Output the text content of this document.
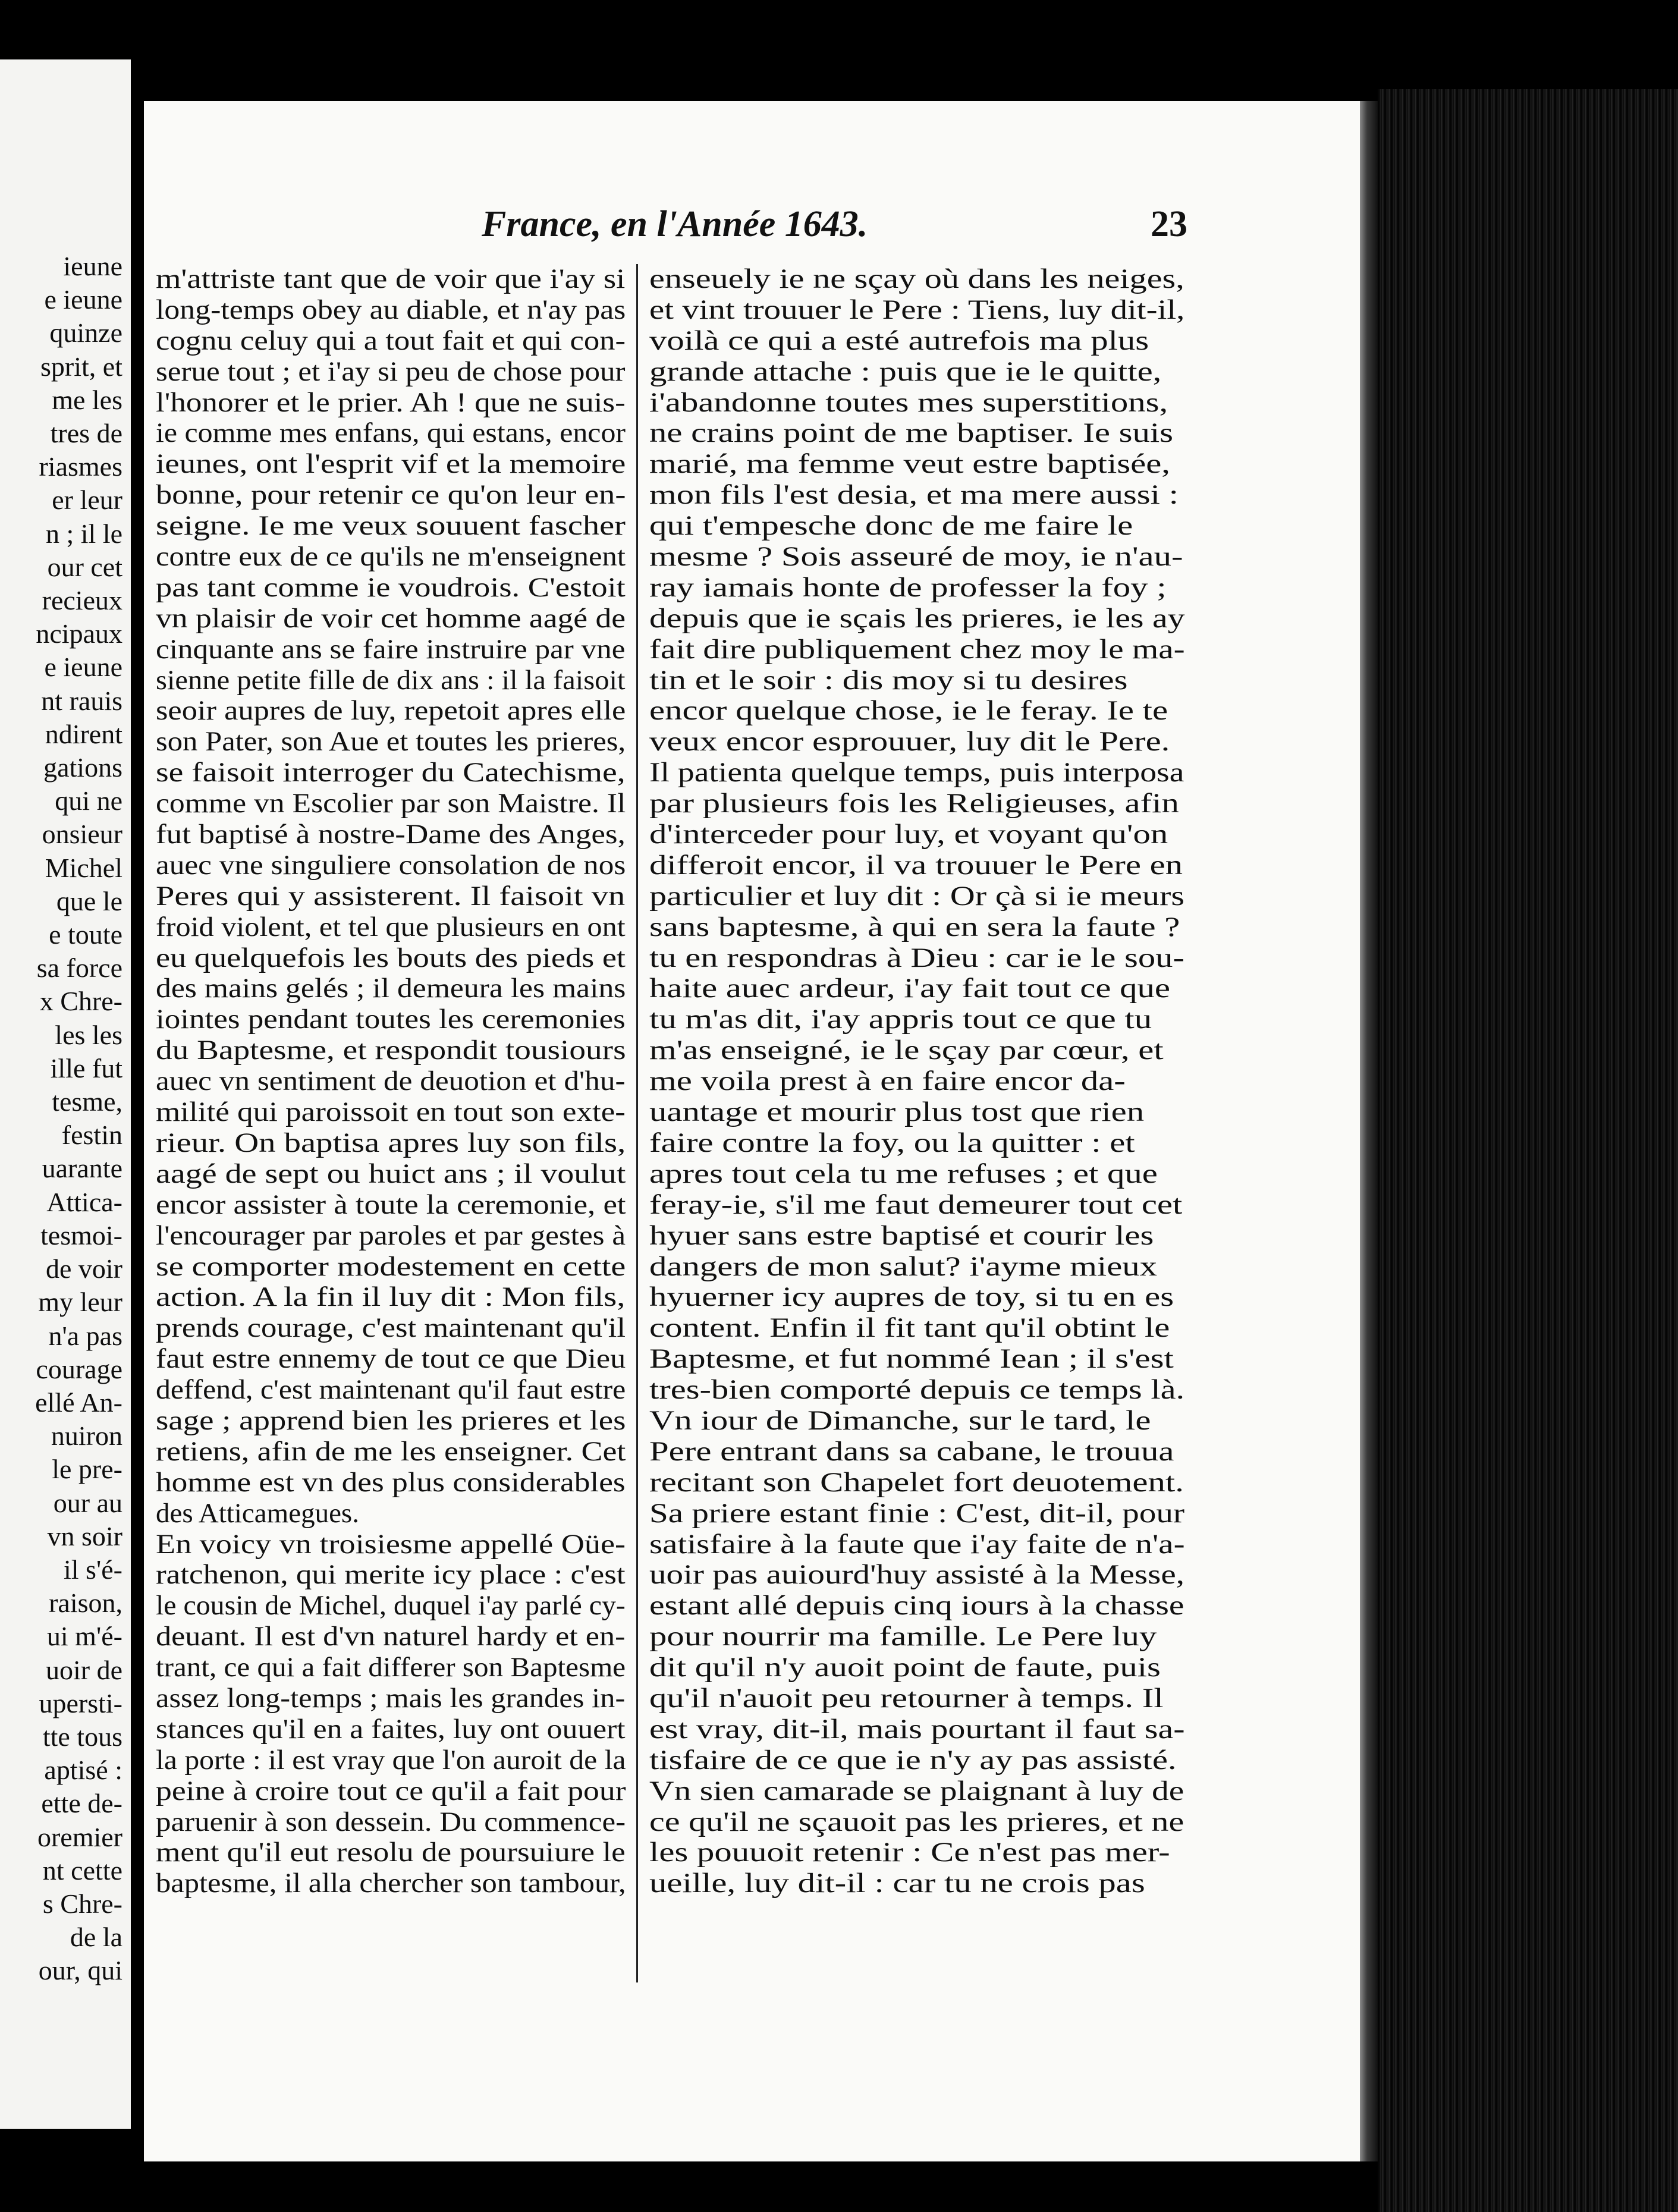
ieune
e ieune
quinze
sprit, et
me les
tres de
riasmes
er leur
n ; il le
our cet
recieux
ncipaux
e ieune
nt rauis
ndirent
gations
qui ne
onsieur
Michel
que le
e toute
sa force
x Chre-
les les
ille fut
tesme,
festin
uarante
Attica-
tesmoi-
de voir
my leur
n'a pas
courage
ellé An-
nuiron
le pre-
our au
vn soir
il s'é-
raison,
ui m'é-
uoir de
upersti-
tte tous
aptisé :
ette de-
oremier
nt cette
s Chre-
de la
our, qui
France, en l'Année 1643.	23
m'attriste tant que de voir que i'ay si
long-temps obey au diable, et n'ay pas
cognu celuy qui a tout fait et qui con-
serue tout ; et i'ay si peu de chose pour
l'honorer et le prier. Ah ! que ne suis-
ie comme mes enfans, qui estans, encor
ieunes, ont l'esprit vif et la memoire
bonne, pour retenir ce qu'on leur en-
seigne. Ie me veux souuent fascher
contre eux de ce qu'ils ne m'enseignent
pas tant comme ie voudrois. C'estoit
vn plaisir de voir cet homme aagé de
cinquante ans se faire instruire par vne
sienne petite fille de dix ans : il la faisoit
seoir aupres de luy, repetoit apres elle
son Pater, son Aue et toutes les prieres,
se faisoit interroger du Catechisme,
comme vn Escolier par son Maistre. Il
fut baptisé à nostre-Dame des Anges,
auec vne singuliere consolation de nos
Peres qui y assisterent. Il faisoit vn
froid violent, et tel que plusieurs en ont
eu quelquefois les bouts des pieds et
des mains gelés ; il demeura les mains
iointes pendant toutes les ceremonies
du Baptesme, et respondit tousiours
auec vn sentiment de deuotion et d'hu-
milité qui paroissoit en tout son exte-
rieur. On baptisa apres luy son fils,
aagé de sept ou huict ans ; il voulut
encor assister à toute la ceremonie, et
l'encourager par paroles et par gestes à
se comporter modestement en cette
action. A la fin il luy dit : Mon fils,
prends courage, c'est maintenant qu'il
faut estre ennemy de tout ce que Dieu
deffend, c'est maintenant qu'il faut estre
sage ; apprend bien les prieres et les
retiens, afin de me les enseigner. Cet
homme est vn des plus considerables
des Atticamegues.
En voicy vn troisiesme appellé Oüe-
ratchenon, qui merite icy place : c'est
le cousin de Michel, duquel i'ay parlé cy-
deuant. Il est d'vn naturel hardy et en-
trant, ce qui a fait differer son Baptesme
assez long-temps ; mais les grandes in-
stances qu'il en a faites, luy ont ouuert
la porte : il est vray que l'on auroit de la
peine à croire tout ce qu'il a fait pour
paruenir à son dessein. Du commence-
ment qu'il eut resolu de poursuiure le
baptesme, il alla chercher son tambour,
enseuely ie ne sçay où dans les neiges,
et vint trouuer le Pere : Tiens, luy dit-il,
voilà ce qui a esté autrefois ma plus
grande attache : puis que ie le quitte,
i'abandonne toutes mes superstitions,
ne crains point de me baptiser. Ie suis
marié, ma femme veut estre baptisée,
mon fils l'est desia, et ma mere aussi :
qui t'empesche donc de me faire le
mesme ? Sois asseuré de moy, ie n'au-
ray iamais honte de professer la foy ;
depuis que ie sçais les prieres, ie les ay
fait dire publiquement chez moy le ma-
tin et le soir : dis moy si tu desires
encor quelque chose, ie le feray. Ie te
veux encor esprouuer, luy dit le Pere.
Il patienta quelque temps, puis interposa
par plusieurs fois les Religieuses, afin
d'interceder pour luy, et voyant qu'on
differoit encor, il va trouuer le Pere en
particulier et luy dit : Or çà si ie meurs
sans baptesme, à qui en sera la faute ?
tu en respondras à Dieu : car ie le sou-
haite auec ardeur, i'ay fait tout ce que
tu m'as dit, i'ay appris tout ce que tu
m'as enseigné, ie le sçay par cœur, et
me voila prest à en faire encor da-
uantage et mourir plus tost que rien
faire contre la foy, ou la quitter : et
apres tout cela tu me refuses ; et que
feray-ie, s'il me faut demeurer tout cet
hyuer sans estre baptisé et courir les
dangers de mon salut? i'ayme mieux
hyuerner icy aupres de toy, si tu en es
content. Enfin il fit tant qu'il obtint le
Baptesme, et fut nommé Iean ; il s'est
tres-bien comporté depuis ce temps là.
Vn iour de Dimanche, sur le tard, le
Pere entrant dans sa cabane, le trouua
recitant son Chapelet fort deuotement.
Sa priere estant finie : C'est, dit-il, pour
satisfaire à la faute que i'ay faite de n'a-
uoir pas auiourd'huy assisté à la Messe,
estant allé depuis cinq iours à la chasse
pour nourrir ma famille. Le Pere luy
dit qu'il n'y auoit point de faute, puis
qu'il n'auoit peu retourner à temps. Il
est vray, dit-il, mais pourtant il faut sa-
tisfaire de ce que ie n'y ay pas assisté.
Vn sien camarade se plaignant à luy de
ce qu'il ne sçauoit pas les prieres, et ne
les pouuoit retenir : Ce n'est pas mer-
ueille, luy dit-il : car tu ne crois pas
